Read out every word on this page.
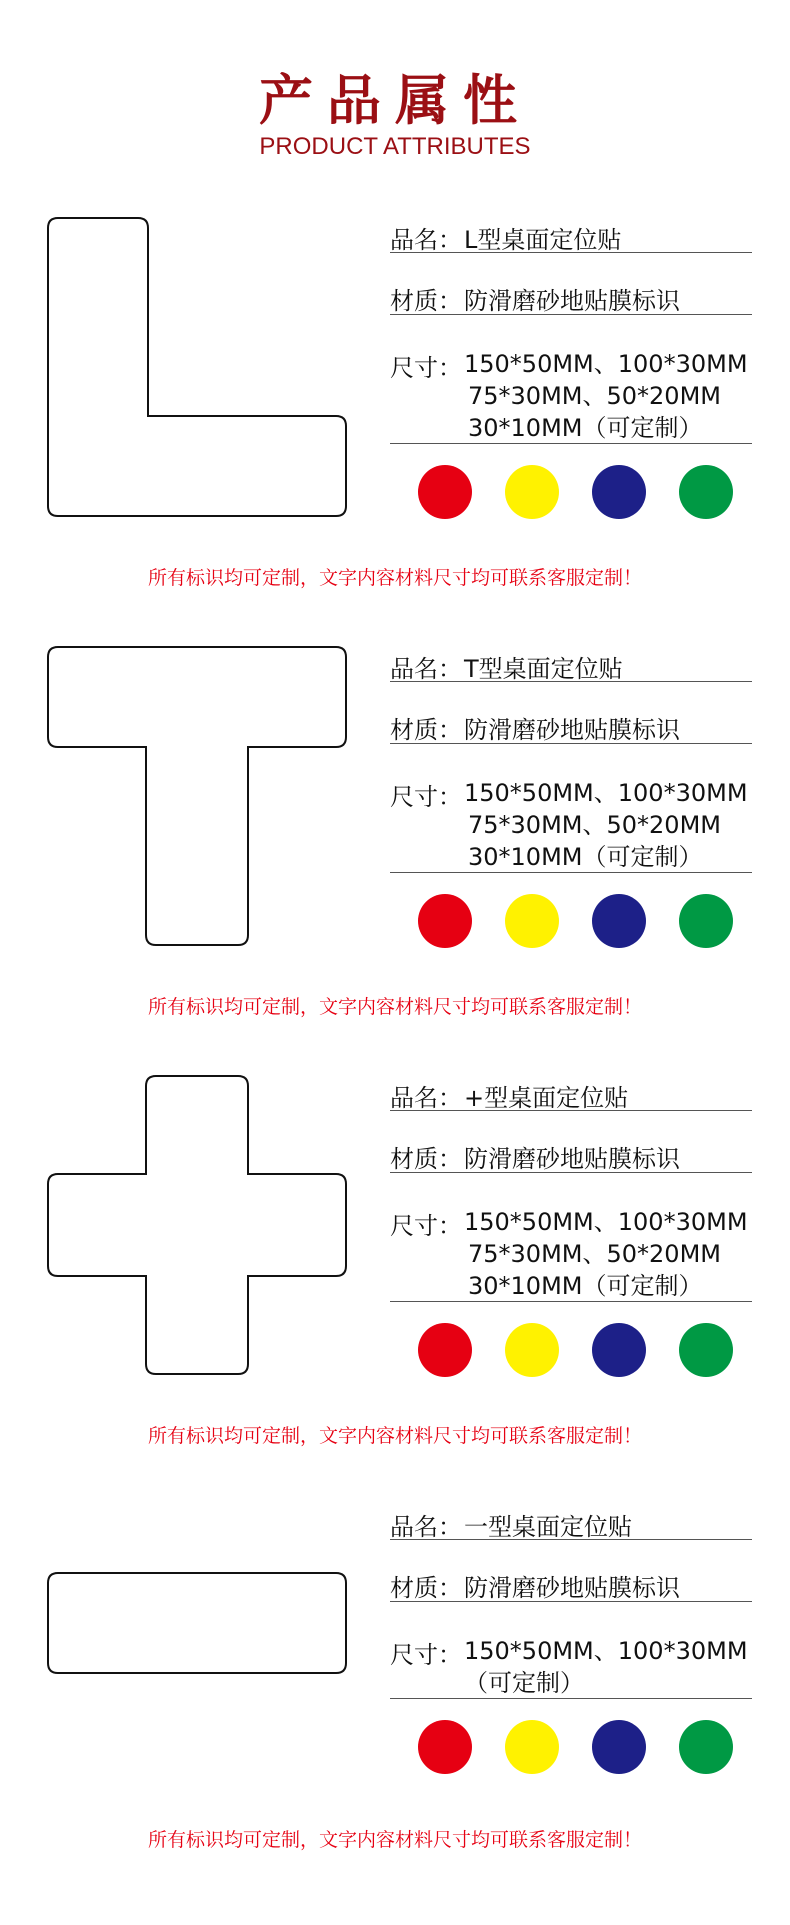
产品属性
PRODUCT ATTRIBUTES
品名： L型桌面定位贴
材质： 防滑磨砂地贴膜标识
尺寸： 150*50MM、100*30MM
75*30MM、50*20MM
30*10MM（可定制）
所有标识均可定制，文字内容材料尺寸均可联系客服定制！
品名： T型桌面定位贴
材质： 防滑磨砂地贴膜标识
尺寸： 150*50MM、100*30MM
75*30MM、50*20MM
30*10MM（可定制）
所有标识均可定制，文字内容材料尺寸均可联系客服定制！
品名： +型桌面定位贴
材质： 防滑磨砂地贴膜标识
尺寸： 150*50MM、100*30MM
75*30MM、50*20MM
30*10MM（可定制）
所有标识均可定制，文字内容材料尺寸均可联系客服定制！
品名： 一型桌面定位贴
材质： 防滑磨砂地贴膜标识
尺寸： 150*50MM、100*30MM
（可定制）
所有标识均可定制，文字内容材料尺寸均可联系客服定制！
